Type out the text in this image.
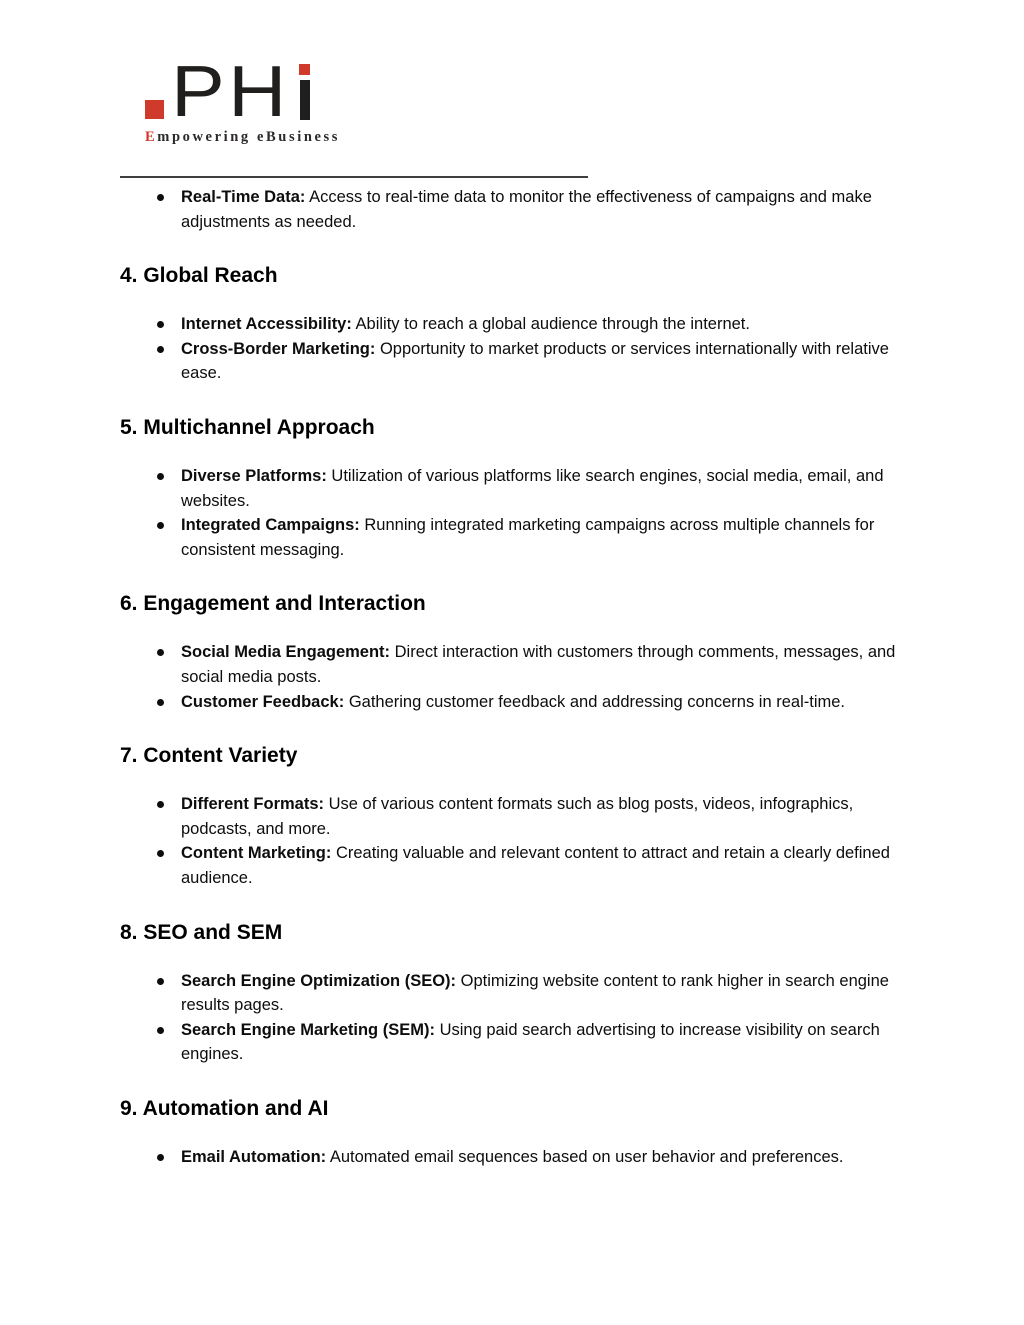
PH
Empowering eBusiness
Real-Time Data: Access to real-time data to monitor the effectiveness of campaigns and make adjustments as needed.
4. Global Reach
Internet Accessibility: Ability to reach a global audience through the internet.
Cross-Border Marketing: Opportunity to market products or services internationally with relative ease.
5. Multichannel Approach
Diverse Platforms: Utilization of various platforms like search engines, social media, email, and websites.
Integrated Campaigns: Running integrated marketing campaigns across multiple channels for consistent messaging.
6. Engagement and Interaction
Social Media Engagement: Direct interaction with customers through comments, messages, and social media posts.
Customer Feedback: Gathering customer feedback and addressing concerns in real-time.
7. Content Variety
Different Formats: Use of various content formats such as blog posts, videos, infographics, podcasts, and more.
Content Marketing: Creating valuable and relevant content to attract and retain a clearly defined audience.
8. SEO and SEM
Search Engine Optimization (SEO): Optimizing website content to rank higher in search engine results pages.
Search Engine Marketing (SEM): Using paid search advertising to increase visibility on search engines.
9. Automation and AI
Email Automation: Automated email sequences based on user behavior and preferences.
